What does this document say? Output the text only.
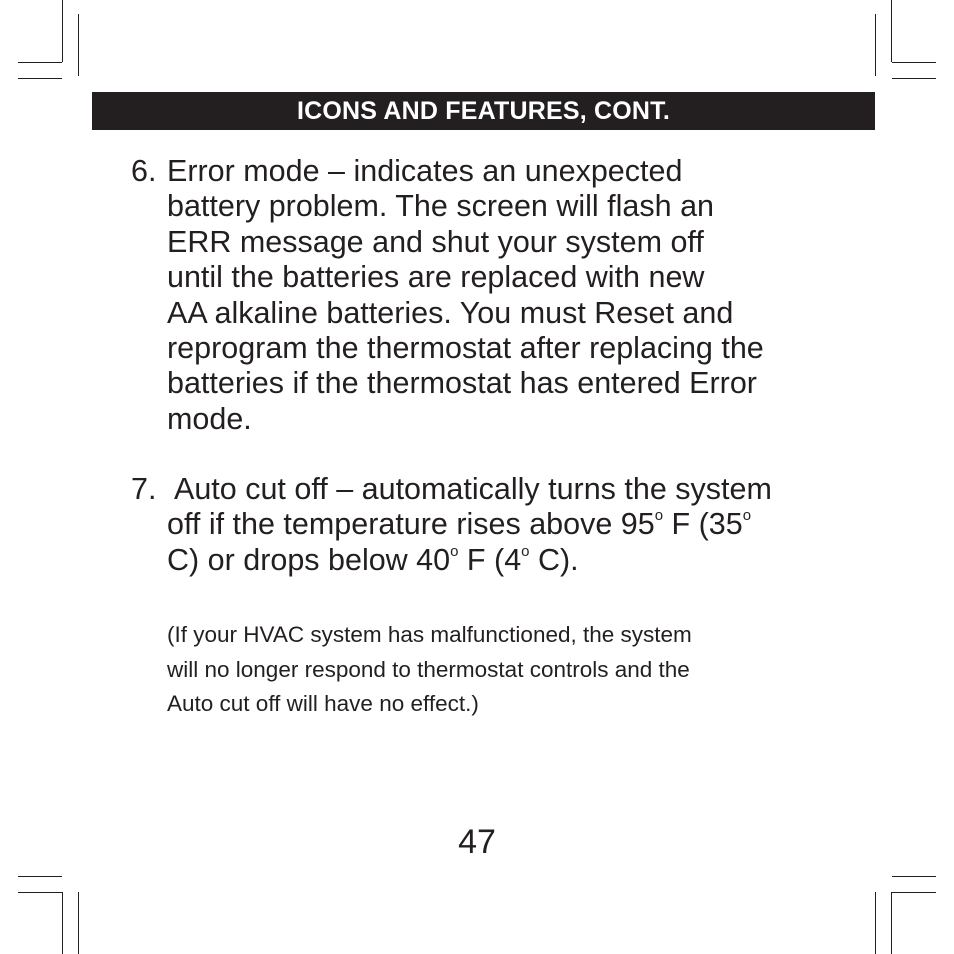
ICONS AND FEATURES, CONT.
6. Error mode – indicates an unexpected
battery problem. The screen will flash an
ERR message and shut your system off
until the batteries are replaced with new
AA alkaline batteries. You must Reset and
reprogram the thermostat after replacing the
batteries if the thermostat has entered Error
mode.
7. Auto cut off – automatically turns the system
off if the temperature rises above 95$^o$ F (35$^o$
C) or drops below 40$^o$ F (4$^o$ C).
(If your HVAC system has malfunctioned, the system
will no longer respond to thermostat controls and the
Auto cut off will have no effect.)
47
